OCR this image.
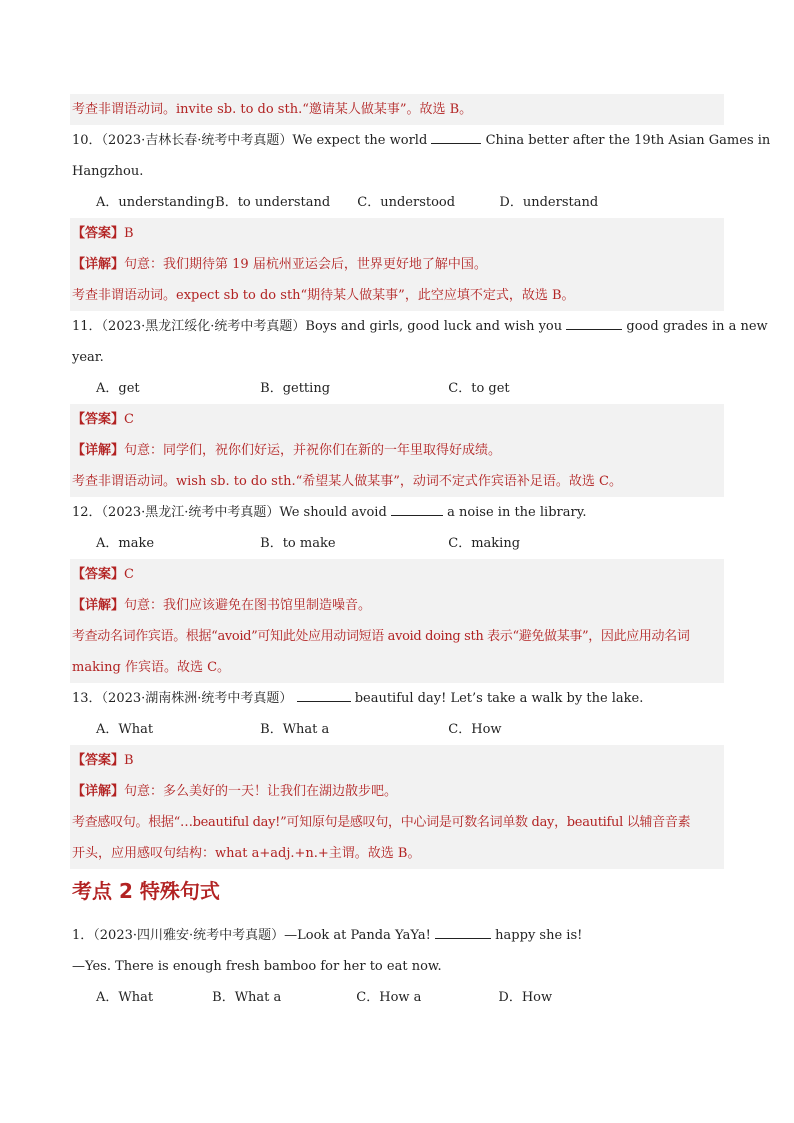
考查非谓语动词。invite sb. to do sth.“邀请某人做某事”。故选 B。
10．（2023·吉林长春·统考中考真题）We expect the world	China better after the 19th Asian Games in
Hangzhou.
A．understanding B．to understand C．understood	D．understand
【答案】B
【详解】句意：我们期待第 19 届杭州亚运会后，世界更好地了解中国。
考查非谓语动词。expect sb to do sth“期待某人做某事”，此空应填不定式，故选 B。
11．（2023·黑龙江绥化·统考中考真题）Boys and girls, good luck and wish you	good grades in a new
year.
A．get	B．getting	C．to get
【答案】C
【详解】句意：同学们，祝你们好运，并祝你们在新的一年里取得好成绩。
考查非谓语动词。wish sb. to do sth.“希望某人做某事”，动词不定式作宾语补足语。故选 C。
12．（2023·黑龙江·统考中考真题）We should avoid	a noise in the library.
A．make	B．to make	C．making
【答案】C
【详解】句意：我们应该避免在图书馆里制造噪音。
考查动名词作宾语。根据“avoid”可知此处应用动词短语 avoid doing sth 表示“避免做某事”，因此应用动名词
making 作宾语。故选 C。
13．（2023·湖南株洲·统考中考真题）	beautiful day! Let’s take a walk by the lake.
A．What	B．What a	C．How
【答案】B
【详解】句意：多么美好的一天！让我们在湖边散步吧。
考查感叹句。根据“…beautiful day!”可知原句是感叹句，中心词是可数名词单数 day，beautiful 以辅音音素
开头，应用感叹句结构：what a+adj.+n.+主谓。故选 B。
考点 2 特殊句式
1．（2023·四川雅安·统考中考真题）—Look at Panda YaYa!	happy she is!
—Yes. There is enough fresh bamboo for her to eat now.
A．What	B．What a	C．How a	D．How
